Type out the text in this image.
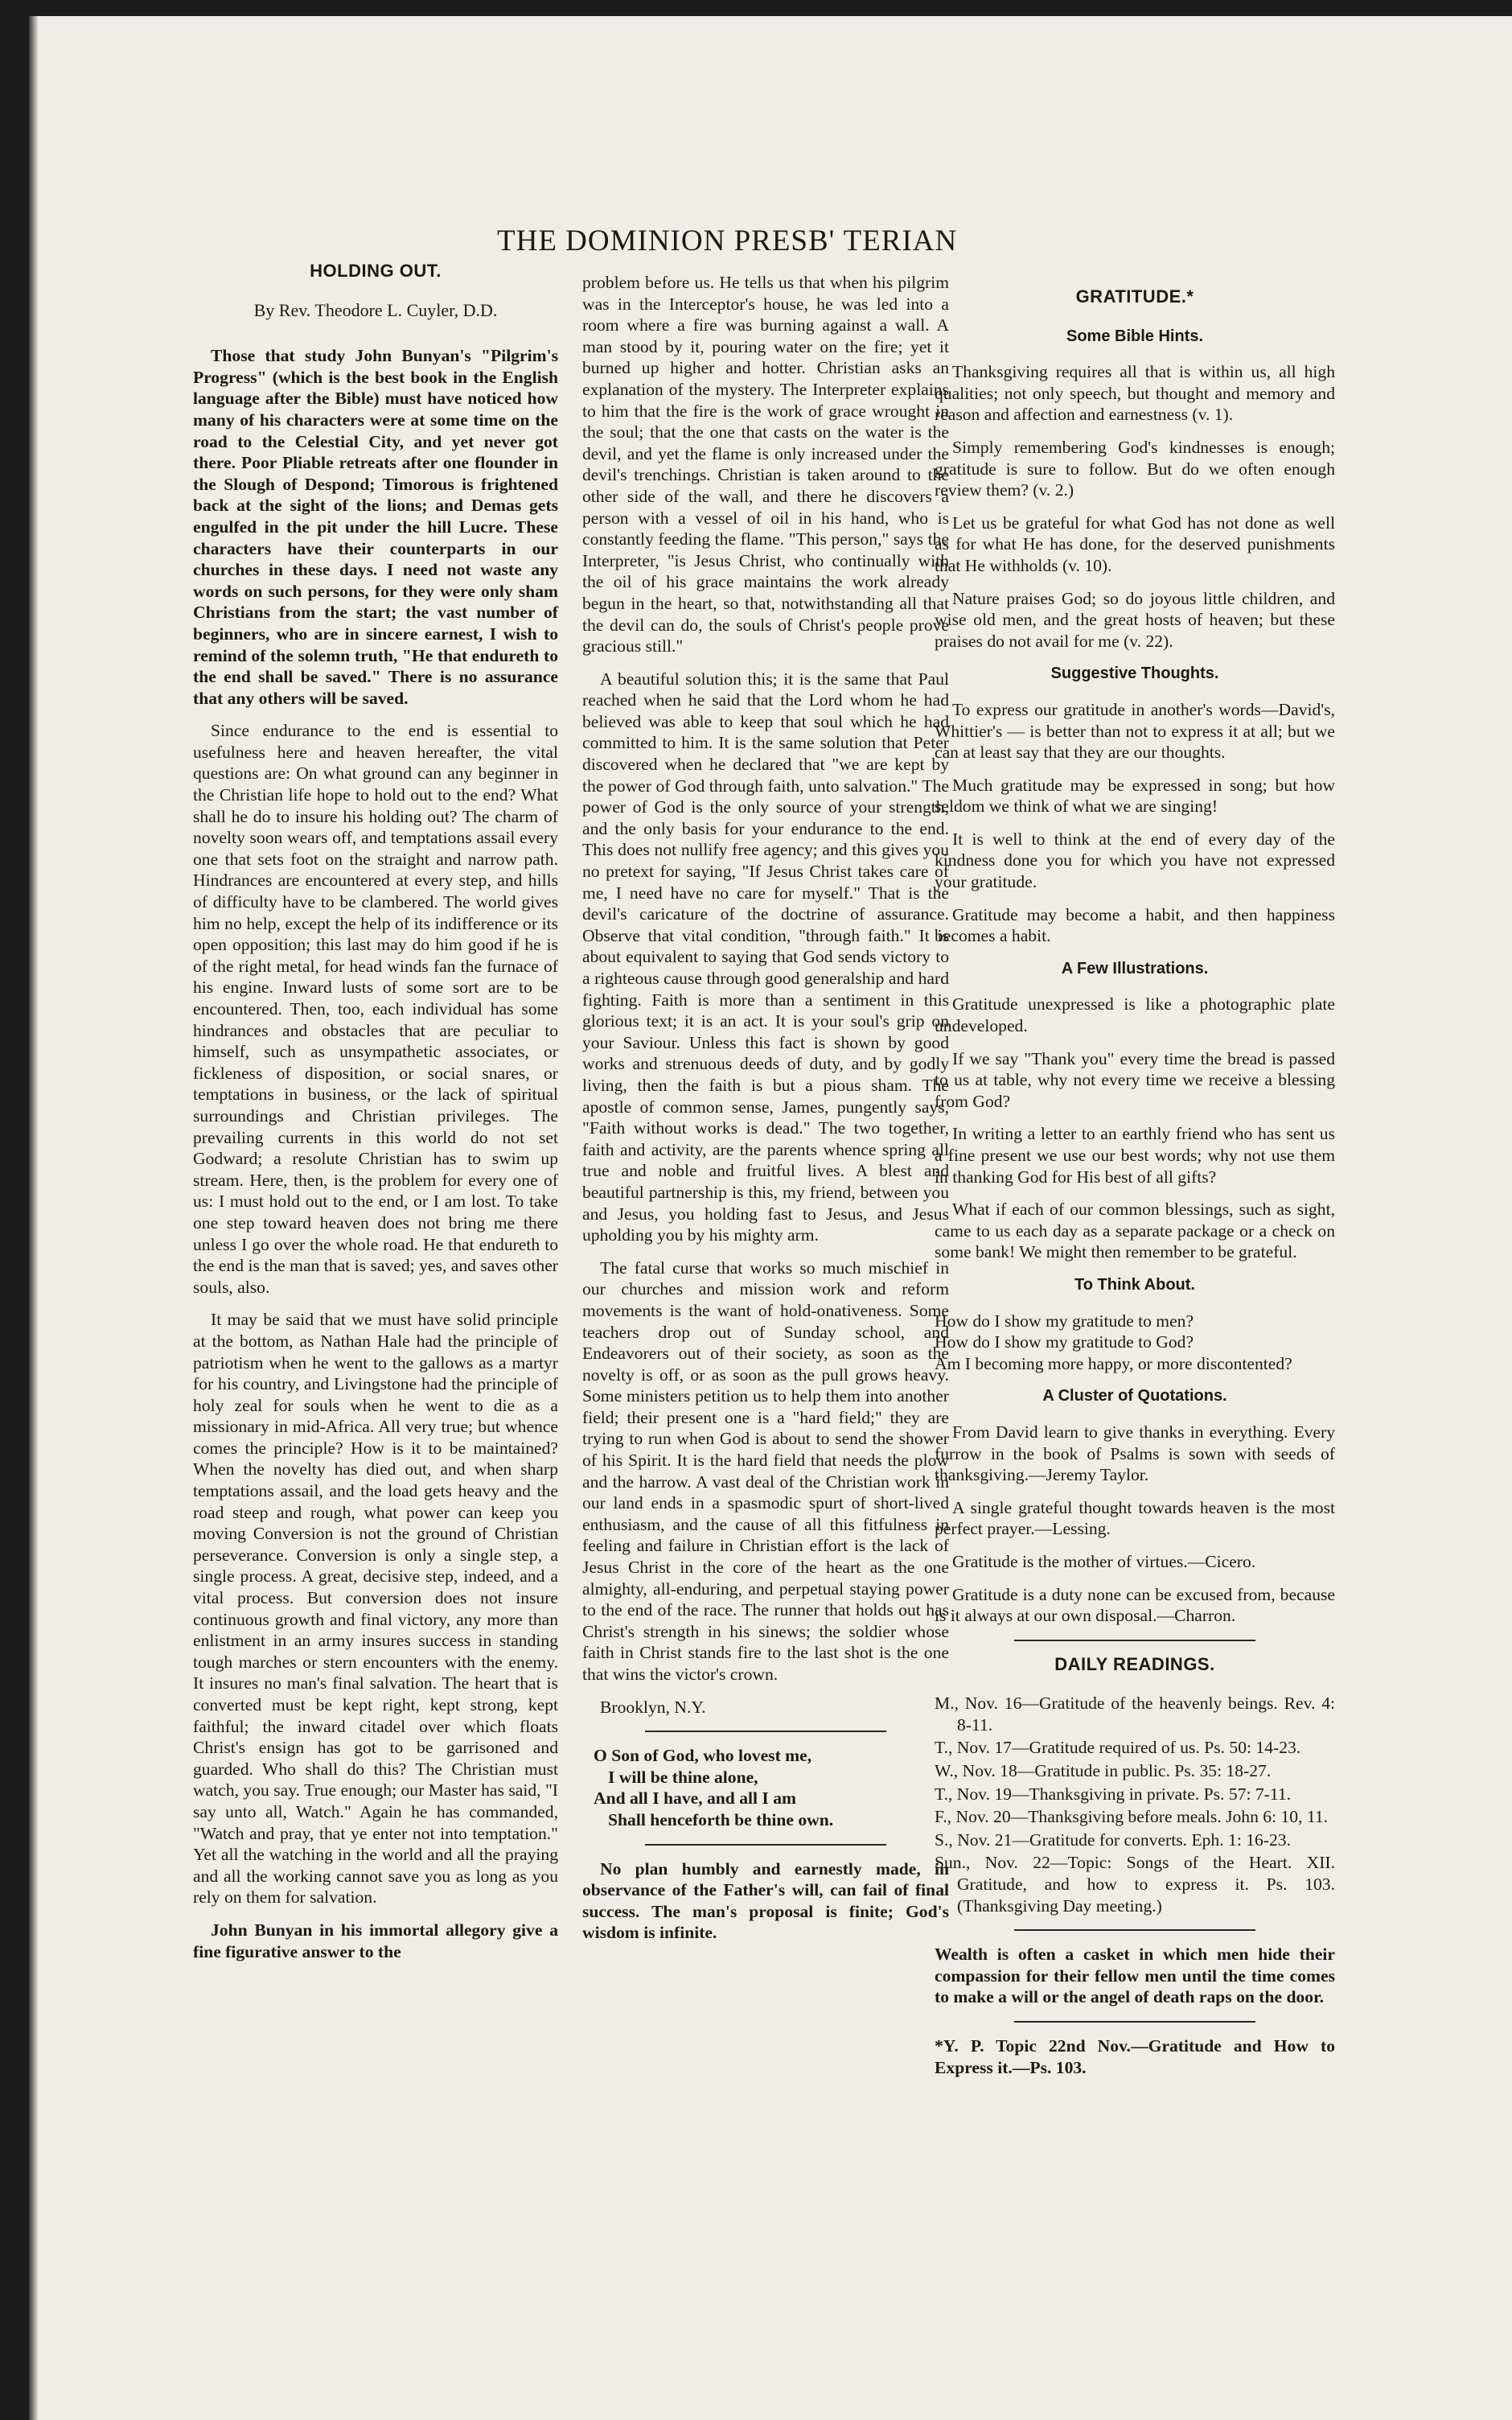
THE DOMINION PRESB' TERIAN
HOLDING OUT.
By Rev. Theodore L. Cuyler, D.D.

Those that study John Bunyan's "Pilgrim's Progress" (which is the best book in the English language after the Bible) must have noticed how many of his characters were at some time on the road to the Celestial City, and yet never got there. Poor Pliable retreats after one flounder in the Slough of Despond; Timorous is frightened back at the sight of the lions; and Demas gets engulfed in the pit under the hill Lucre. These characters have their counterparts in our churches in these days. I need not waste any words on such persons, for they were only sham Christians from the start; the vast number of beginners, who are in sincere earnest, I wish to remind of the solemn truth, "He that endureth to the end shall be saved." There is no assurance that any others will be saved.

Since endurance to the end is essential to usefulness here and heaven hereafter, the vital questions are: On what ground can any beginner in the Christian life hope to hold out to the end? What shall he do to insure his holding out? The charm of novelty soon wears off, and temptations assail every one that sets foot on the straight and narrow path. Hindrances are encountered at every step, and hills of difficulty have to be clambered. The world gives him no help, except the help of its indifference or its open opposition; this last may do him good if he is of the right metal, for head winds fan the furnace of his engine. Inward lusts of some sort are to be encountered. Then, too, each individual has some hindrances and obstacles that are peculiar to himself, such as unsympathetic associates, or fickleness of disposition, or social snares, or temptations in business, or the lack of spiritual surroundings and Christian privileges. The prevailing currents in this world do not set Godward; a resolute Christian has to swim up stream. Here, then, is the problem for every one of us: I must hold out to the end, or I am lost. To take one step toward heaven does not bring me there unless I go over the whole road. He that endureth to the end is the man that is saved; yes, and saves other souls, also.

It may be said that we must have solid principle at the bottom, as Nathan Hale had the principle of patriotism when he went to the gallows as a martyr for his country, and Livingstone had the principle of holy zeal for souls when he went to die as a missionary in mid-Africa. All very true; but whence comes the principle? How is it to be maintained? When the novelty has died out, and when sharp temptations assail, and the load gets heavy and the road steep and rough, what power can keep you moving Conversion is not the ground of Christian perseverance. Conversion is only a single step, a single process. A great, decisive step, indeed, and a vital process. But conversion does not insure continuous growth and final victory, any more than enlistment in an army insures success in standing tough marches or stern encounters with the enemy. It insures no man's final salvation. The heart that is converted must be kept right, kept strong, kept faithful; the inward citadel over which floats Christ's ensign has got to be garrisoned and guarded. Who shall do this? The Christian must watch, you say. True enough; our Master has said, "I say unto all, Watch." Again he has commanded, "Watch and pray, that ye enter not into temptation." Yet all the watching in the world and all the praying and all the working cannot save you as long as you rely on them for salvation.

John Bunyan in his immortal allegory give a fine figurative answer to the

problem before us. He tells us that when his pilgrim was in the Interceptor's house, he was led into a room where a fire was burning against a wall. A man stood by it, pouring water on the fire; yet it burned up higher and hotter. Christian asks an explanation of the mystery. The Interpreter explains to him that the fire is the work of grace wrought in the soul; that the one that casts on the water is the devil, and yet the flame is only increased under the devil's trenchings. Christian is taken around to the other side of the wall, and there he discovers a person with a vessel of oil in his hand, who is constantly feeding the flame. "This person," says the Interpreter, "is Jesus Christ, who continually with the oil of his grace maintains the work already begun in the heart, so that, notwithstanding all that the devil can do, the souls of Christ's people prove gracious still."

A beautiful solution this; it is the same that Paul reached when he said that the Lord whom he had believed was able to keep that soul which he had committed to him. It is the same solution that Peter discovered when he declared that "we are kept by the power of God through faith, unto salvation." The power of God is the only source of your strength, and the only basis for your endurance to the end. This does not nullify free agency; and this gives you no pretext for saying, "If Jesus Christ takes care of me, I need have no care for myself." That is the devil's caricature of the doctrine of assurance. Observe that vital condition, "through faith." It is about equivalent to saying that God sends victory to a righteous cause through good generalship and hard fighting. Faith is more than a sentiment in this glorious text; it is an act. It is your soul's grip on your Saviour. Unless this fact is shown by good works and strenuous deeds of duty, and by godly living, then the faith is but a pious sham. The apostle of common sense, James, pungently says, "Faith without works is dead." The two together, faith and activity, are the parents whence spring all true and noble and fruitful lives. A blest and beautiful partnership is this, my friend, between you and Jesus, you holding fast to Jesus, and Jesus upholding you by his mighty arm.

The fatal curse that works so much mischief in our churches and mission work and reform movements is the want of hold-onativeness. Some teachers drop out of Sunday school, and Endeavorers out of their society, as soon as the novelty is off, or as soon as the pull grows heavy. Some ministers petition us to help them into another field; their present one is a "hard field;" they are trying to run when God is about to send the shower of his Spirit. It is the hard field that needs the plow and the harrow. A vast deal of the Christian work in our land ends in a spasmodic spurt of short-lived enthusiasm, and the cause of all this fitfulness in feeling and failure in Christian effort is the lack of Jesus Christ in the core of the heart as the one almighty, all-enduring, and perpetual staying power to the end of the race. The runner that holds out has Christ's strength in his sinews; the soldier whose faith in Christ stands fire to the last shot is the one that wins the victor's crown.

Brooklyn, N.Y.

O Son of God, who lovest me,
I will be thine alone,
And all I have, and all I am
Shall henceforth be thine own.

No plan humbly and earnestly made, in observance of the Father's will, can fail of final success. The man's proposal is finite; God's wisdom is infinite.

GRATITUDE.*
Some Bible Hints.

Thanksgiving requires all that is within us, all high qualities; not only speech, but thought and memory and reason and affection and earnestness (v. 1).

Simply remembering God's kindnesses is enough; gratitude is sure to follow. But do we often enough review them? (v. 2.)

Let us be grateful for what God has not done as well as for what He has done, for the deserved punishments that He withholds (v. 10).

Nature praises God; so do joyous little children, and wise old men, and the great hosts of heaven; but these praises do not avail for me (v. 22).

Suggestive Thoughts.

To express our gratitude in another's words—David's, Whittier's — is better than not to express it at all; but we can at least say that they are our thoughts.

Much gratitude may be expressed in song; but how seldom we think of what we are singing!

It is well to think at the end of every day of the kindness done you for which you have not expressed your gratitude.

Gratitude may become a habit, and then happiness becomes a habit.

A Few Illustrations.

Gratitude unexpressed is like a photographic plate undeveloped.

If we say "Thank you" every time the bread is passed to us at table, why not every time we receive a blessing from God?

In writing a letter to an earthly friend who has sent us a fine present we use our best words; why not use them in thanking God for His best of all gifts?

What if each of our common blessings, such as sight, came to us each day as a separate package or a check on some bank! We might then remember to be grateful.

To Think About.

How do I show my gratitude to men?

How do I show my gratitude to God?

Am I becoming more happy, or more discontented?

A Cluster of Quotations.

From David learn to give thanks in everything. Every furrow in the book of Psalms is sown with seeds of thanksgiving.—Jeremy Taylor.

A single grateful thought towards heaven is the most perfect prayer.—Lessing.

Gratitude is the mother of virtues.—Cicero.

Gratitude is a duty none can be excused from, because is it always at our own disposal.—Charron.

DAILY READINGS.

M., Nov. 16—Gratitude of the heavenly beings. Rev. 4: 8-11.

T., Nov. 17—Gratitude required of us. Ps. 50: 14-23.

W., Nov. 18—Gratitude in public. Ps. 35: 18-27.

T., Nov. 19—Thanksgiving in private. Ps. 57: 7-11.

F., Nov. 20—Thanksgiving before meals. John 6: 10, 11.

S., Nov. 21—Gratitude for converts. Eph. 1: 16-23.

Sun., Nov. 22—Topic: Songs of the Heart. XII. Gratitude, and how to express it. Ps. 103. (Thanksgiving Day meeting.)

Wealth is often a casket in which men hide their compassion for their fellow men until the time comes to make a will or the angel of death raps on the door.

*Y. P. Topic 22nd Nov.—Gratitude and How to Express it.—Ps. 103.
